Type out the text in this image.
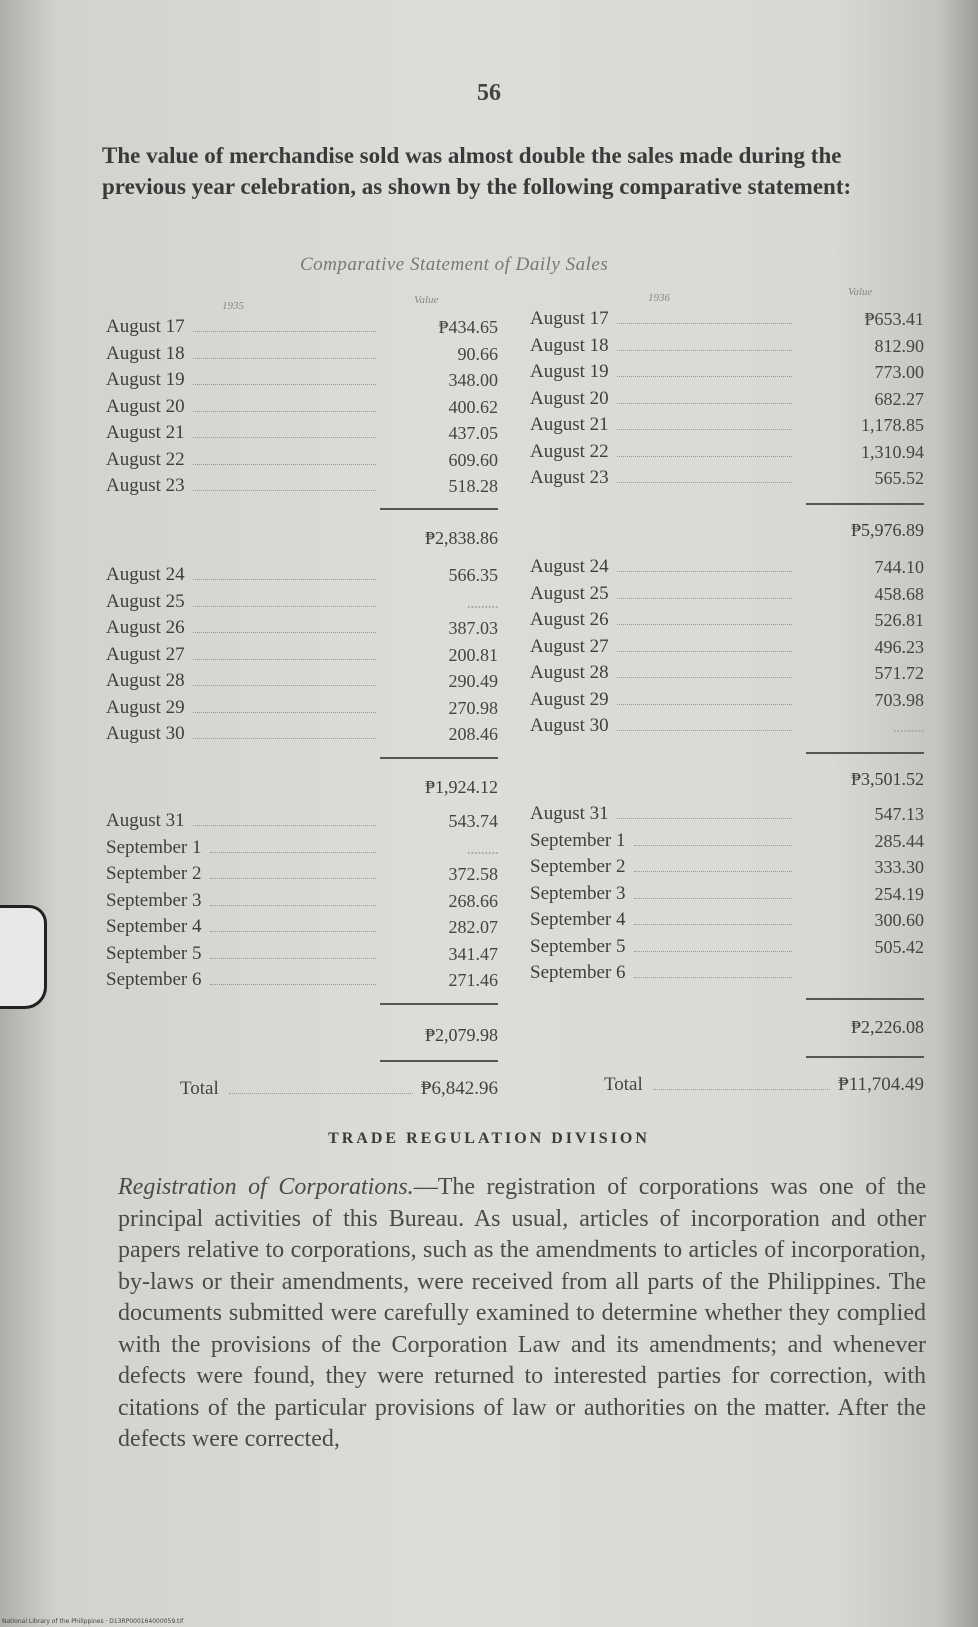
56
The value of merchandise sold was almost double the sales made during the previous year celebration, as shown by the following comparative statement:
Comparative Statement of Daily Sales
1935	Value
August 17	₱434.65
August 18	90.66
August 19	348.00
August 20	400.62
August 21	437.05
August 22	609.60
August 23	518.28
₱2,838.86
August 24	566.35
August 25	.........
August 26	387.03
August 27	200.81
August 28	290.49
August 29	270.98
August 30	208.46
₱1,924.12
August 31	543.74
September 1	.........
September 2	372.58
September 3	268.66
September 4	282.07
September 5	341.47
September 6	271.46
₱2,079.98
Total	₱6,842.96
1936	Value
August 17	₱653.41
August 18	812.90
August 19	773.00
August 20	682.27
August 21	1,178.85
August 22	1,310.94
August 23	565.52
₱5,976.89
August 24	744.10
August 25	458.68
August 26	526.81
August 27	496.23
August 28	571.72
August 29	703.98
August 30	.........
₱3,501.52
August 31	547.13
September 1	285.44
September 2	333.30
September 3	254.19
September 4	300.60
September 5	505.42
September 6
₱2,226.08
Total	₱11,704.49
TRADE REGULATION DIVISION
Registration of Corporations.—The registration of corporations was one of the principal activities of this Bureau. As usual, articles of incorporation and other papers relative to corporations, such as the amendments to articles of incorporation, by-laws or their amendments, were received from all parts of the Philippines. The documents submitted were carefully examined to determine whether they complied with the provisions of the Corporation Law and its amendments; and whenever defects were found, they were returned to interested parties for correction, with citations of the particular provisions of law or authorities on the matter. After the defects were corrected,
National Library of the Philippines · D13RP000164000059.tif
